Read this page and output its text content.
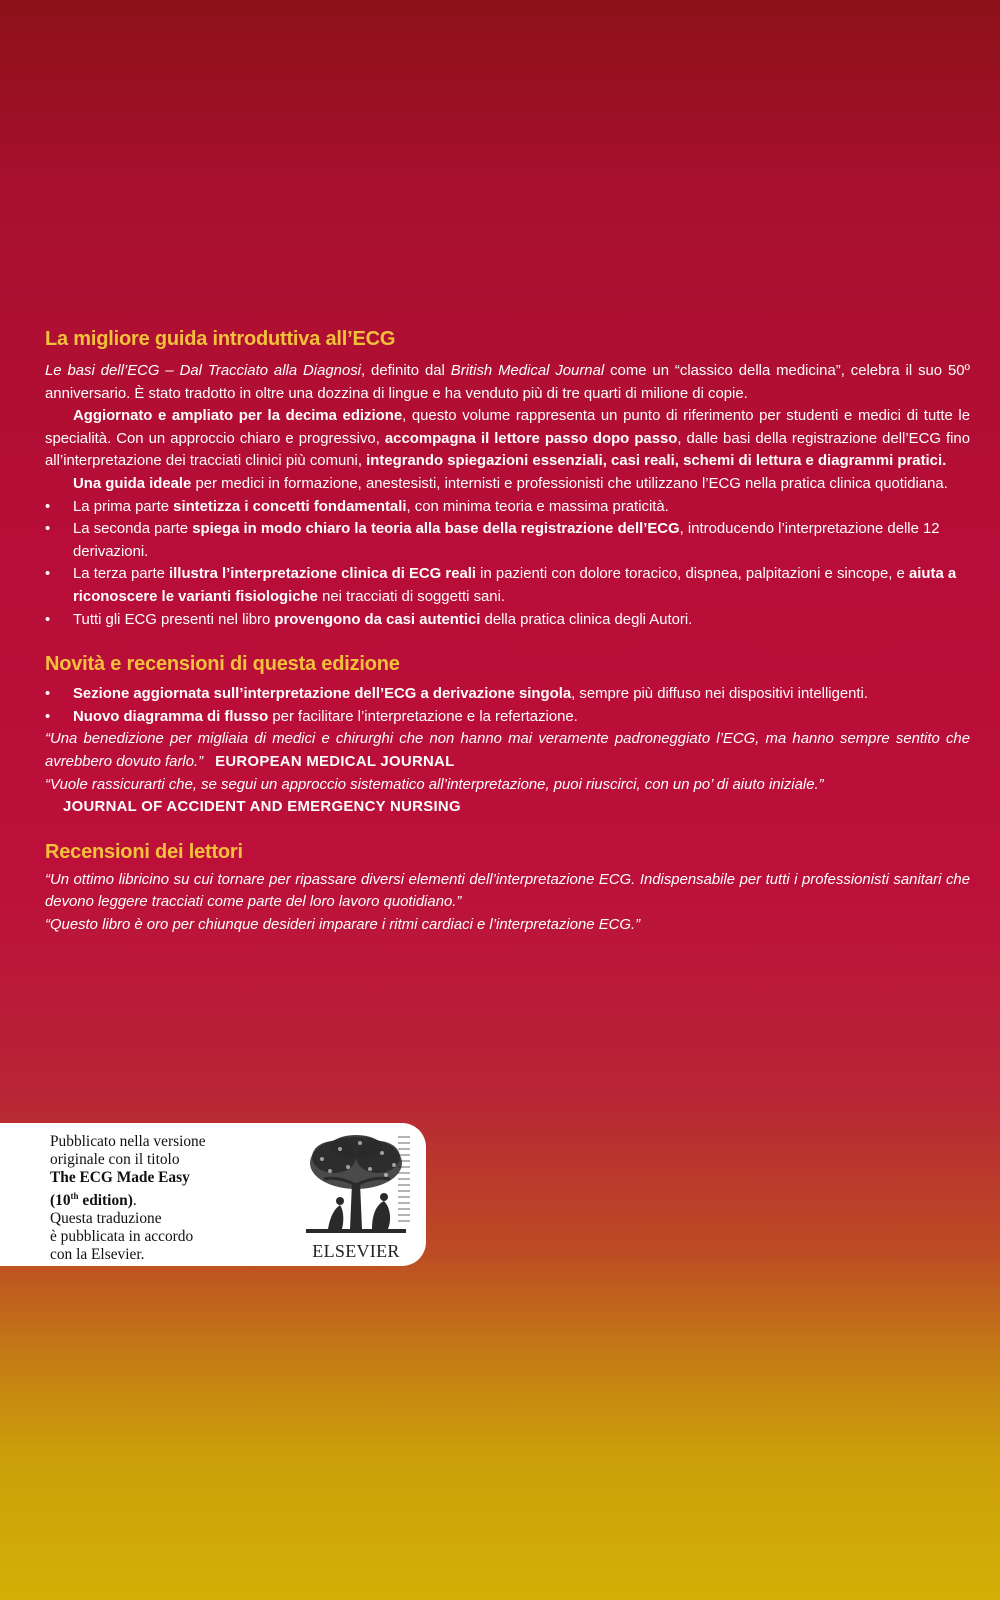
La migliore guida introduttiva all’ECG

Le basi dell’ECG – Dal Tracciato alla Diagnosi, definito dal British Medical Journal come un “classico della medicina”, celebra il suo 50º anniversario. È stato tradotto in oltre una dozzina di lingue e ha venduto più di tre quarti di milione di copie.

Aggiornato e ampliato per la decima edizione, questo volume rappresenta un punto di riferimento per studenti e medici di tutte le specialità. Con un approccio chiaro e progressivo, accompagna il lettore passo dopo passo, dalle basi della registrazione dell’ECG fino all’interpretazione dei tracciati clinici più comuni, integrando spiegazioni essenziali, casi reali, schemi di lettura e diagrammi pratici.

Una guida ideale per medici in formazione, anestesisti, internisti e professionisti che utilizzano l’ECG nella pratica clinica quotidiana.

• La prima parte sintetizza i concetti fondamentali, con minima teoria e massima praticità.
• La seconda parte spiega in modo chiaro la teoria alla base della registrazione dell’ECG, introducendo l’interpretazione delle 12 derivazioni.
• La terza parte illustra l’interpretazione clinica di ECG reali in pazienti con dolore toracico, dispnea, palpitazioni e sincope, e aiuta a riconoscere le varianti fisiologiche nei tracciati di soggetti sani.
• Tutti gli ECG presenti nel libro provengono da casi autentici della pratica clinica degli Autori.
Novità e recensioni di questa edizione
• Sezione aggiornata sull’interpretazione dell’ECG a derivazione singola, sempre più diffuso nei dispositivi intelligenti.
• Nuovo diagramma di flusso per facilitare l’interpretazione e la refertazione.

“Una benedizione per migliaia di medici e chirurghi che non hanno mai veramente padroneggiato l’ECG, ma hanno sempre sentito che avrebbero dovuto farlo.” EUROPEAN MEDICAL JOURNAL

“Vuole rassicurarti che, se segui un approccio sistematico all’interpretazione, puoi riuscirci, con un po’ di aiuto iniziale.”
JOURNAL OF ACCIDENT AND EMERGENCY NURSING

Recensioni dei lettori

“Un ottimo libricino su cui tornare per ripassare diversi elementi dell’interpretazione ECG. Indispensabile per tutti i professionisti sanitari che devono leggere tracciati come parte del loro lavoro quotidiano.”

“Questo libro è oro per chiunque desideri imparare i ritmi cardiaci e l’interpretazione ECG.”

Pubblicato nella versione
originale con il titolo
The ECG Made Easy
(10th edition).
Questa traduzione
è pubblicata in accordo
con la Elsevier.	ELSEVIER
